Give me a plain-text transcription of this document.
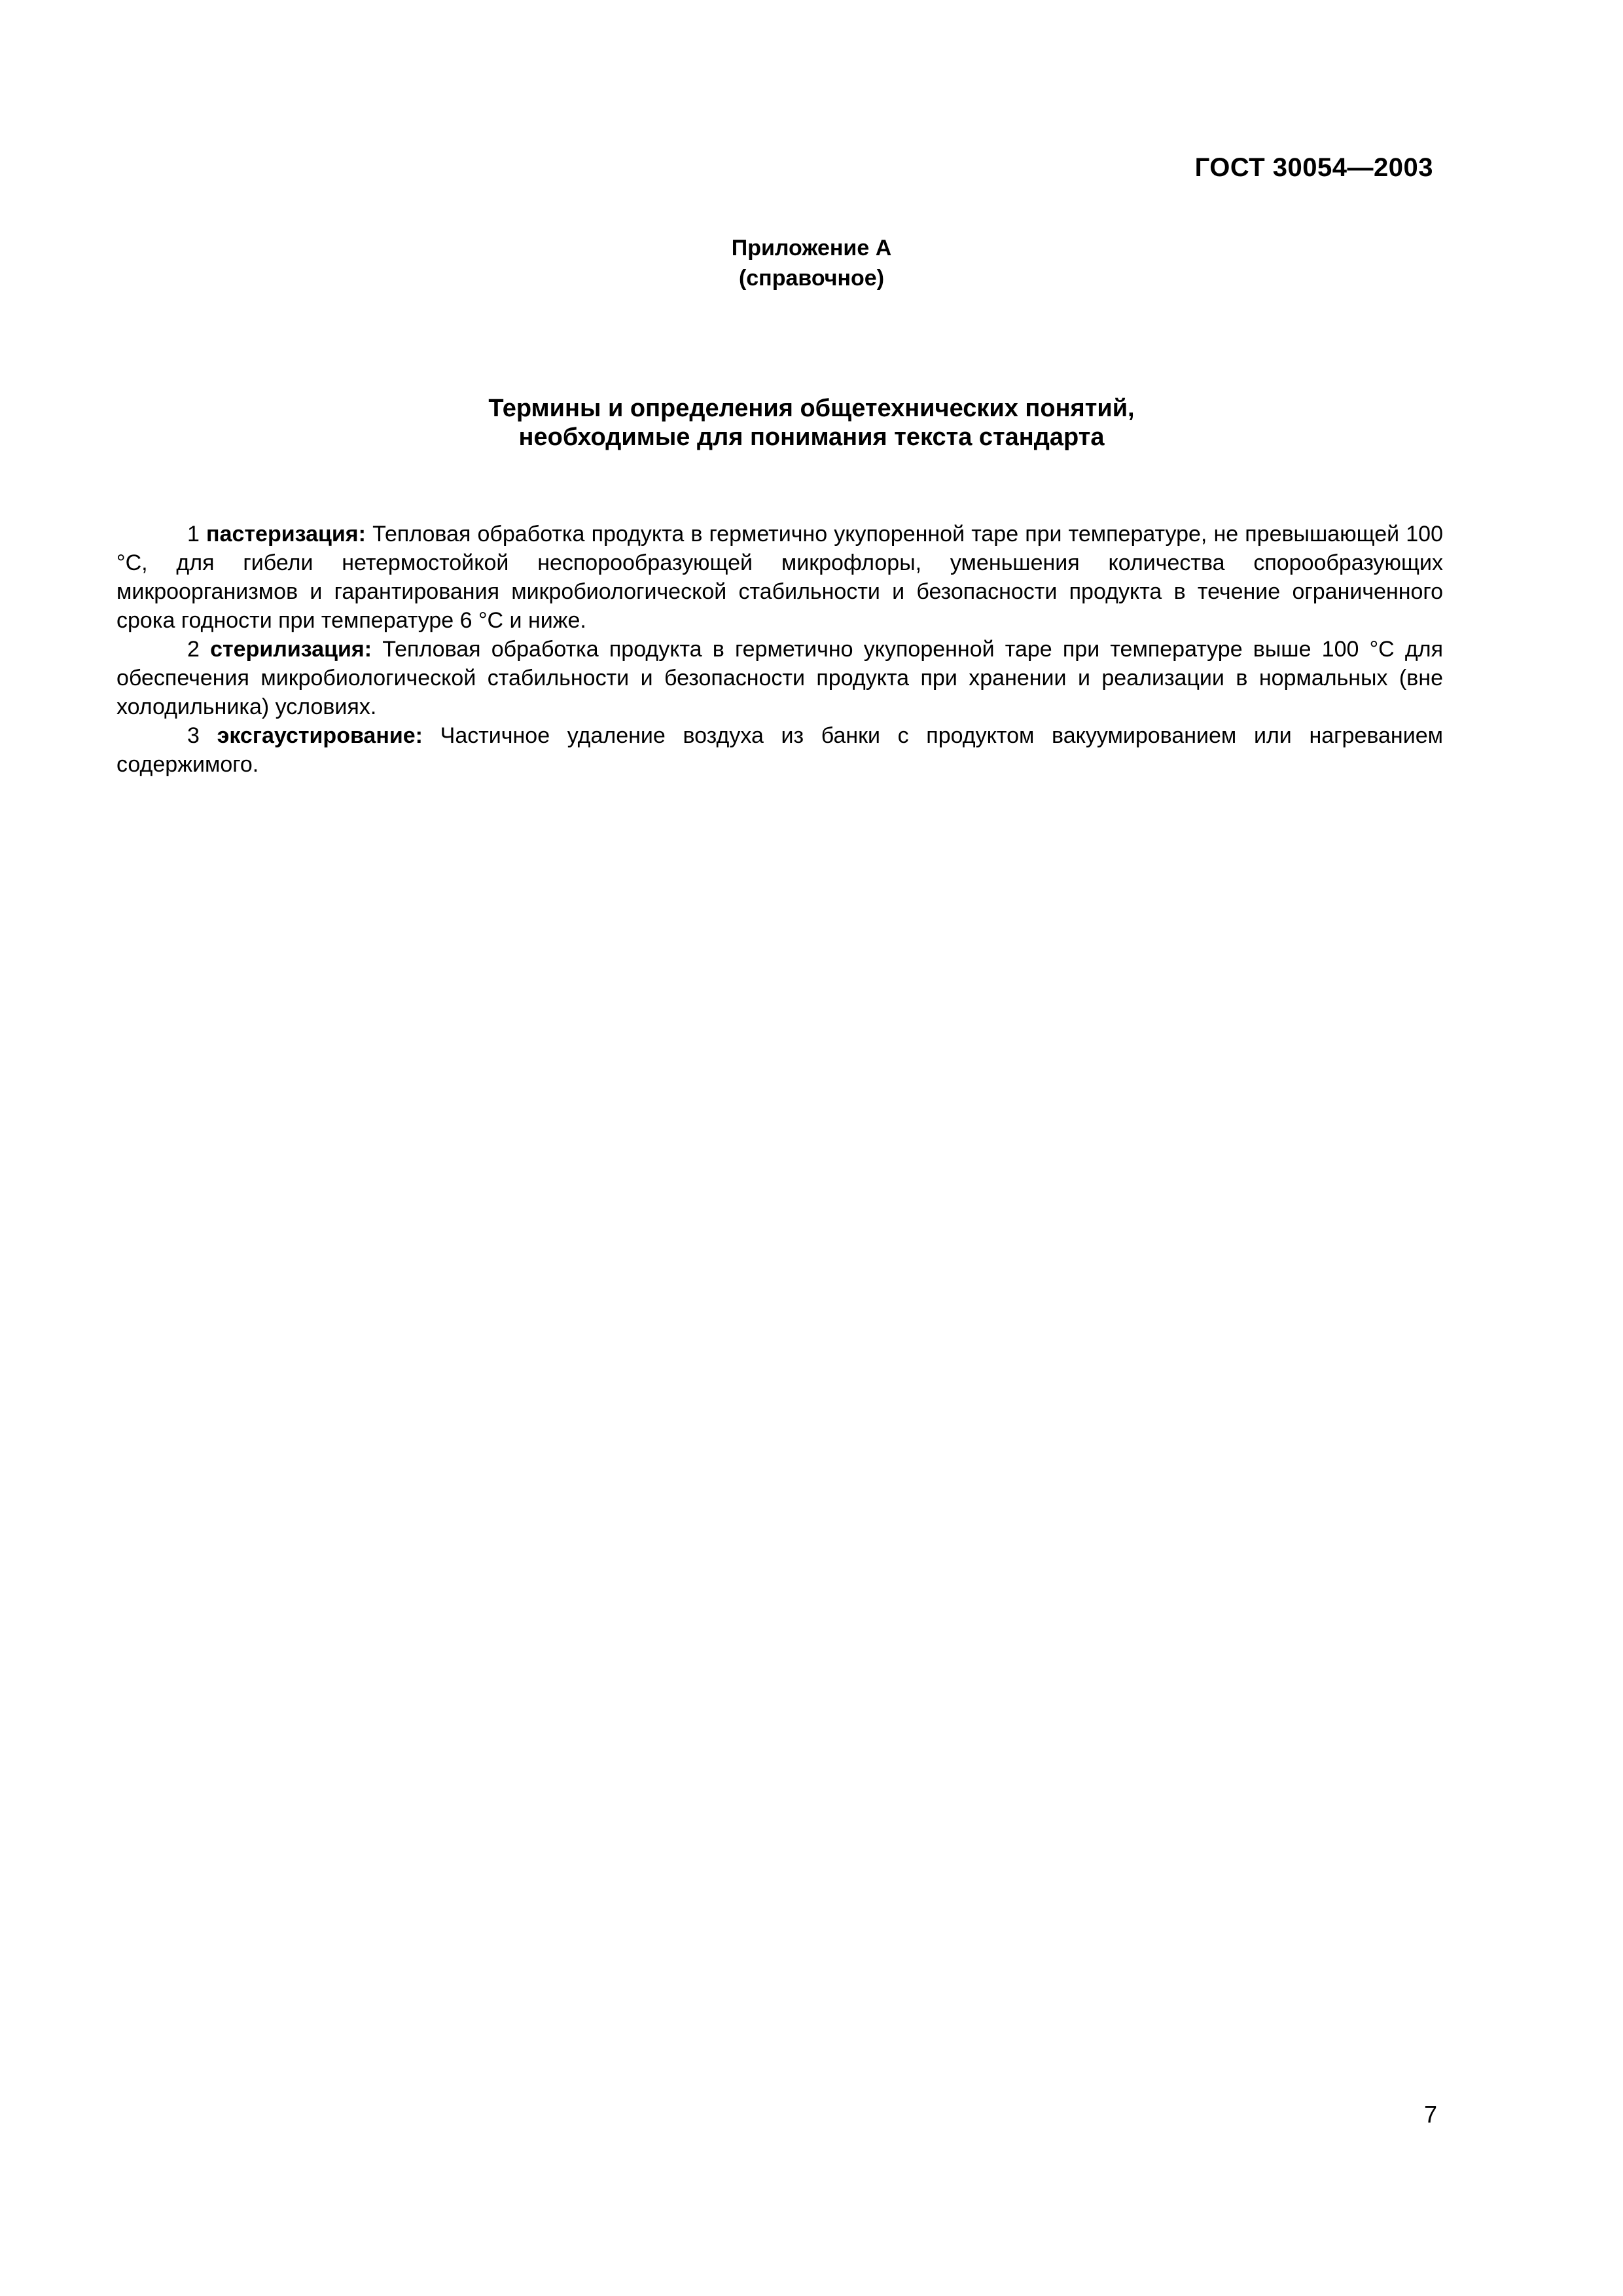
ГОСТ 30054—2003
Приложение А
(справочное)
Термины и определения общетехнических понятий,
необходимые для понимания текста стандарта

1 пастеризация: Тепловая обработка продукта в герметично укупоренной таре при температуре, не превышающей 100 °С, для гибели нетермостойкой неспорообразующей микрофлоры, уменьшения количества спорообразующих микроорганизмов и гарантирования микробиологической стабильности и безопасности продукта в течение ограниченного срока годности при температуре 6 °С и ниже.

2 стерилизация: Тепловая обработка продукта в герметично укупоренной таре при температуре выше 100 °С для обеспечения микробиологической стабильности и безопасности продукта при хранении и реализации в нормальных (вне холодильника) условиях.

3 эксгаустирование: Частичное удаление воздуха из банки с продуктом вакуумированием или нагреванием содержимого.

7
